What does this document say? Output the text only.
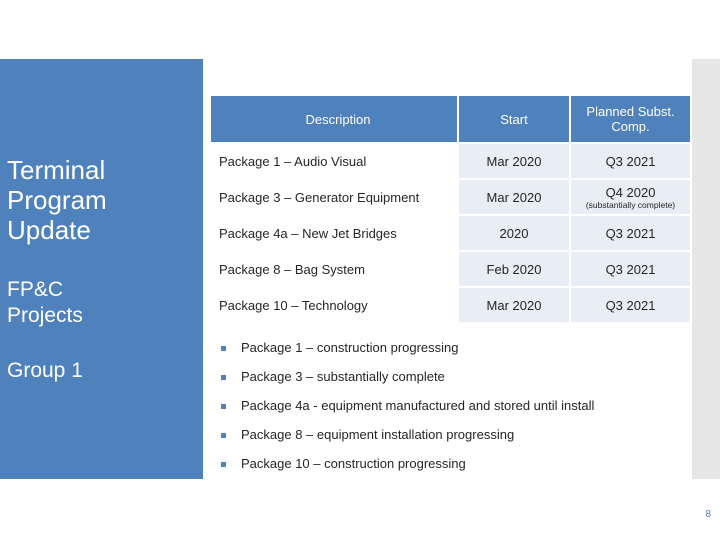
Terminal
Program
Update
FP&C
Projects
Group 1
Description	Start	Planned Subst.
Comp.

Package 1 – Audio Visual	Mar 2020	Q3 2021
Package 3 – Generator Equipment	Mar 2020	Q4 2020
(substantially complete)

Package 4a – New Jet Bridges	2020	Q3 2021
Package 8 – Bag System	Feb 2020	Q3 2021
Package 10 – Technology	Mar 2020	Q3 2021
Package 1 – construction progressing
Package 3 – substantially complete
Package 4a - equipment manufactured and stored until install
Package 8 – equipment installation progressing
Package 10 – construction progressing
8
